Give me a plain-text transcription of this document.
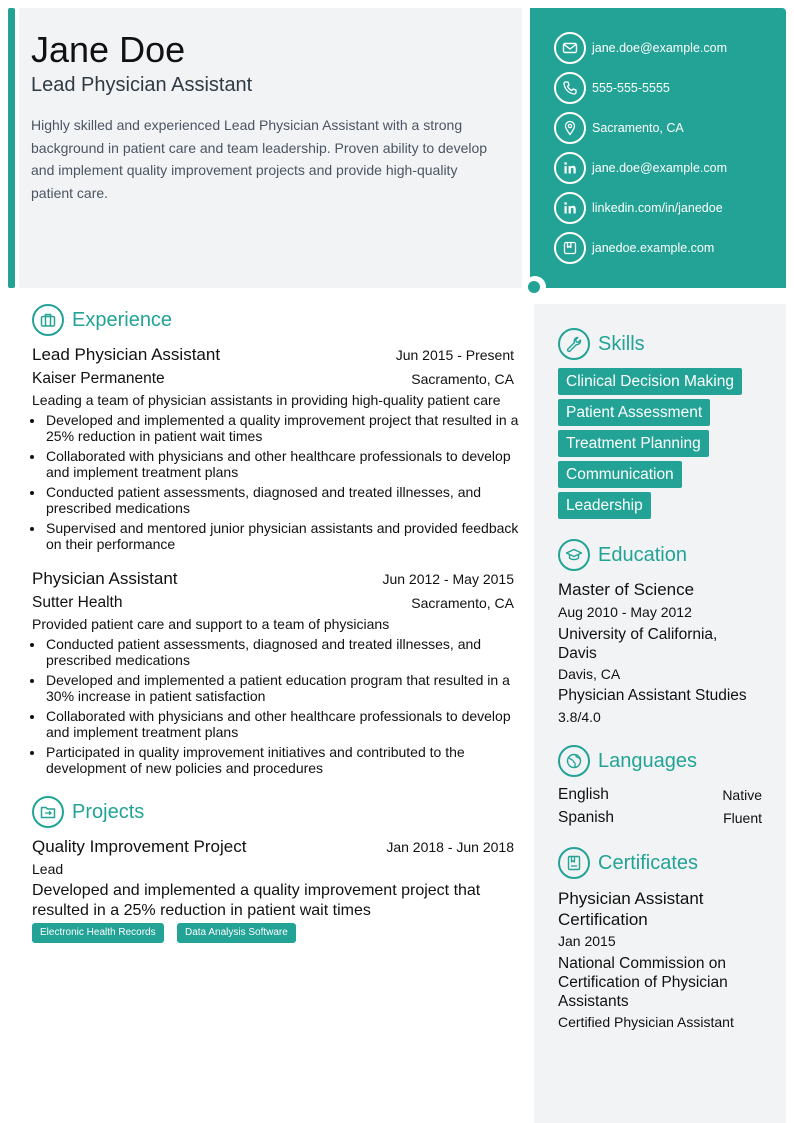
Jane Doe
Lead Physician Assistant
Highly skilled and experienced Lead Physician Assistant with a strong background in patient care and team leadership. Proven ability to develop and implement quality improvement projects and provide high-quality patient care.
jane.doe@example.com
555-555-5555
Sacramento, CA
jane.doe@example.com
linkedin.com/in/janedoe
janedoe.example.com
Experience
Lead Physician Assistant	Jun 2015 - Present
Kaiser Permanente	Sacramento, CA
Leading a team of physician assistants in providing high-quality patient care
• Developed and implemented a quality improvement project that resulted in a 25% reduction in patient wait times
• Collaborated with physicians and other healthcare professionals to develop and implement treatment plans
• Conducted patient assessments, diagnosed and treated illnesses, and prescribed medications
• Supervised and mentored junior physician assistants and provided feedback on their performance
Physician Assistant	Jun 2012 - May 2015
Sutter Health	Sacramento, CA
Provided patient care and support to a team of physicians
• Conducted patient assessments, diagnosed and treated illnesses, and prescribed medications
• Developed and implemented a patient education program that resulted in a 30% increase in patient satisfaction
• Collaborated with physicians and other healthcare professionals to develop and implement treatment plans
• Participated in quality improvement initiatives and contributed to the development of new policies and procedures
Projects
Quality Improvement Project	Jan 2018 - Jun 2018
Lead
Developed and implemented a quality improvement project that resulted in a 25% reduction in patient wait times
Electronic Health Records	Data Analysis Software
Skills
Clinical Decision Making
Patient Assessment
Treatment Planning
Communication
Leadership
Education
Master of Science
Aug 2010 - May 2012
University of California, Davis
Davis, CA
Physician Assistant Studies
3.8/4.0
Languages
English	Native
Spanish	Fluent
Certificates
Physician Assistant Certification
Jan 2015
National Commission on Certification of Physician Assistants
Certified Physician Assistant
